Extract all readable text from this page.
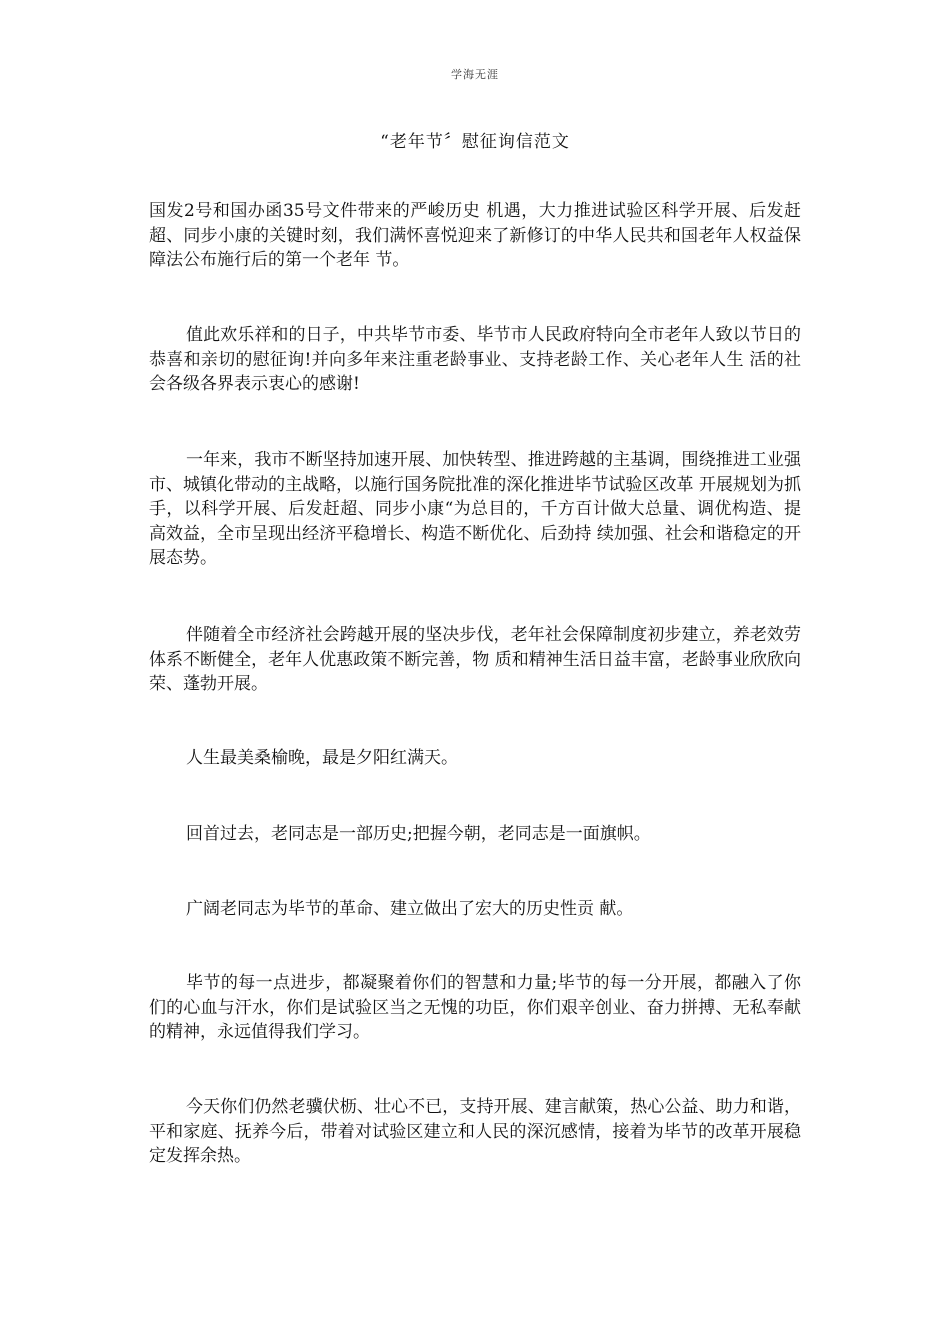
学海无涯
“老年节〞慰征询信范文

国发2号和国办函35号文件带来的严峻历史 机遇，大力推进试验区科学开展、后发赶超、同步小康的关键时刻，我们满怀喜悦迎来了新修订的中华人民共和国老年人权益保障法公布施行后的第一个老年 节。

值此欢乐祥和的日子，中共毕节市委、毕节市人民政府特向全市老年人致以节日的恭喜和亲切的慰征询!并向多年来注重老龄事业、支持老龄工作、关心老年人生 活的社会各级各界表示衷心的感谢!

一年来，我市不断坚持加速开展、加快转型、推进跨越的主基调，围绕推进工业强市、城镇化带动的主战略，以施行国务院批准的深化推进毕节试验区改革 开展规划为抓手，以科学开展、后发赶超、同步小康“为总目的，千方百计做大总量、调优构造、提高效益，全市呈现出经济平稳增长、构造不断优化、后劲持 续加强、社会和谐稳定的开展态势。

伴随着全市经济社会跨越开展的坚决步伐，老年社会保障制度初步建立，养老效劳体系不断健全，老年人优惠政策不断完善，物 质和精神生活日益丰富，老龄事业欣欣向荣、蓬勃开展。

人生最美桑榆晚，最是夕阳红满天。

回首过去，老同志是一部历史;把握今朝，老同志是一面旗帜。

广阔老同志为毕节的革命、建立做出了宏大的历史性贡 献。

毕节的每一点进步，都凝聚着你们的智慧和力量;毕节的每一分开展，都融入了你们的心血与汗水，你们是试验区当之无愧的功臣，你们艰辛创业、奋力拼搏、无私奉献的精神，永远值得我们学习。

今天你们仍然老骥伏枥、壮心不已，支持开展、建言献策，热心公益、助力和谐，平和家庭、抚养今后，带着对试验区建立和人民的深沉感情，接着为毕节的改革开展稳定发挥余热。
